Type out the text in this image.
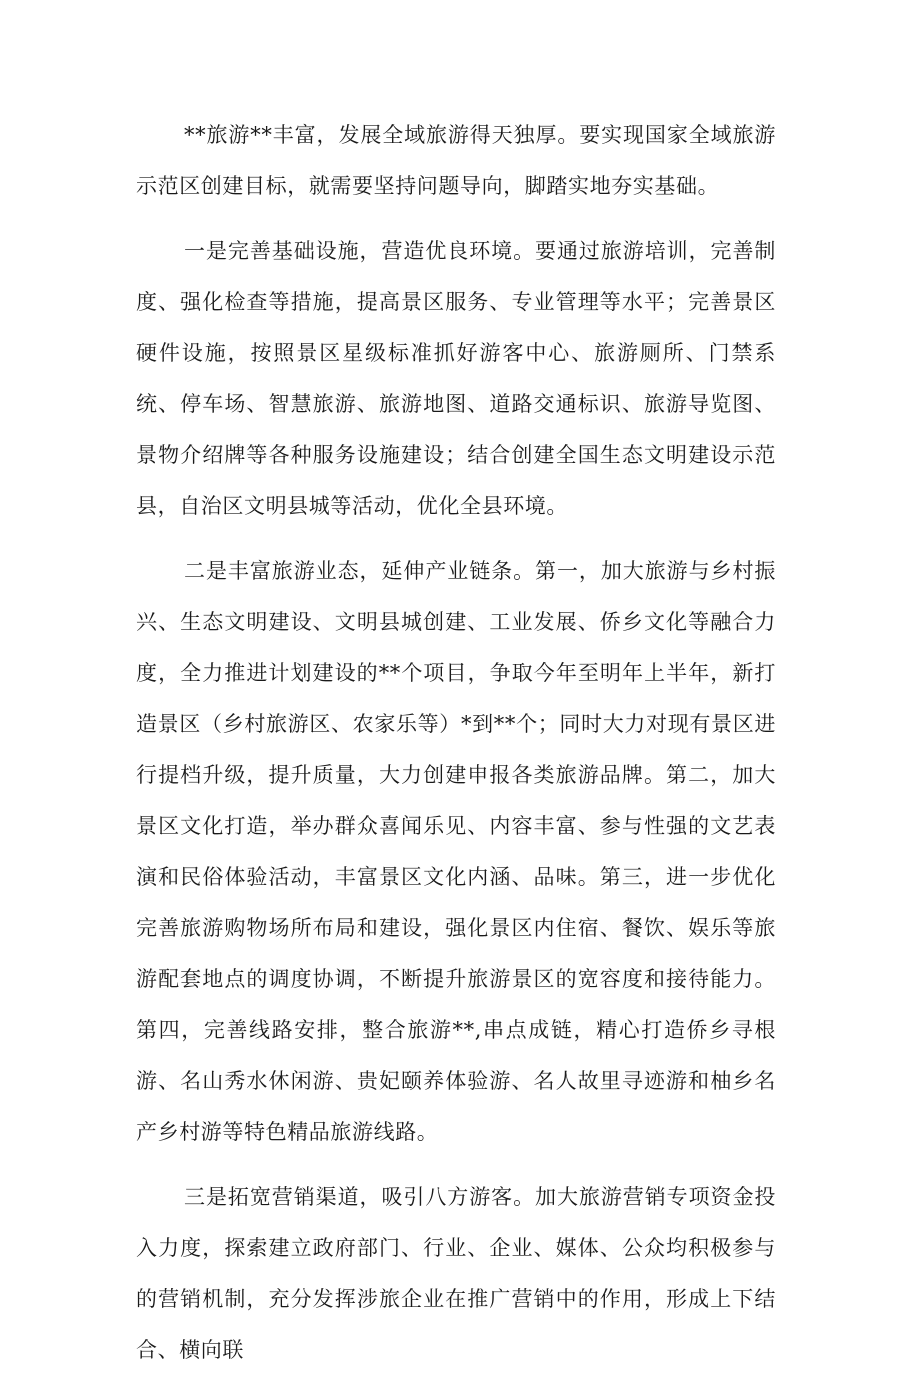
**旅游**丰富，发展全域旅游得天独厚。要实现国家全域旅游示范区创建目标，就需要坚持问题导向，脚踏实地夯实基础。

一是完善基础设施，营造优良环境。要通过旅游培训，完善制度、强化检查等措施，提高景区服务、专业管理等水平；完善景区硬件设施，按照景区星级标准抓好游客中心、旅游厕所、门禁系统、停车场、智慧旅游、旅游地图、道路交通标识、旅游导览图、景物介绍牌等各种服务设施建设；结合创建全国生态文明建设示范县，自治区文明县城等活动，优化全县环境。

二是丰富旅游业态，延伸产业链条。第一，加大旅游与乡村振兴、生态文明建设、文明县城创建、工业发展、侨乡文化等融合力度，全力推进计划建设的**个项目，争取今年至明年上半年，新打造景区（乡村旅游区、农家乐等）*到**个；同时大力对现有景区进行提档升级，提升质量，大力创建申报各类旅游品牌。第二，加大景区文化打造，举办群众喜闻乐见、内容丰富、参与性强的文艺表演和民俗体验活动，丰富景区文化内涵、品味。第三，进一步优化完善旅游购物场所布局和建设，强化景区内住宿、餐饮、娱乐等旅游配套地点的调度协调，不断提升旅游景区的宽容度和接待能力。第四，完善线路安排，整合旅游**,串点成链，精心打造侨乡寻根游、名山秀水休闲游、贵妃颐养体验游、名人故里寻迹游和柚乡名产乡村游等特色精品旅游线路。

三是拓宽营销渠道，吸引八方游客。加大旅游营销专项资金投入力度，探索建立政府部门、行业、企业、媒体、公众均积极参与的营销机制，充分发挥涉旅企业在推广营销中的作用，形成上下结合、横向联
